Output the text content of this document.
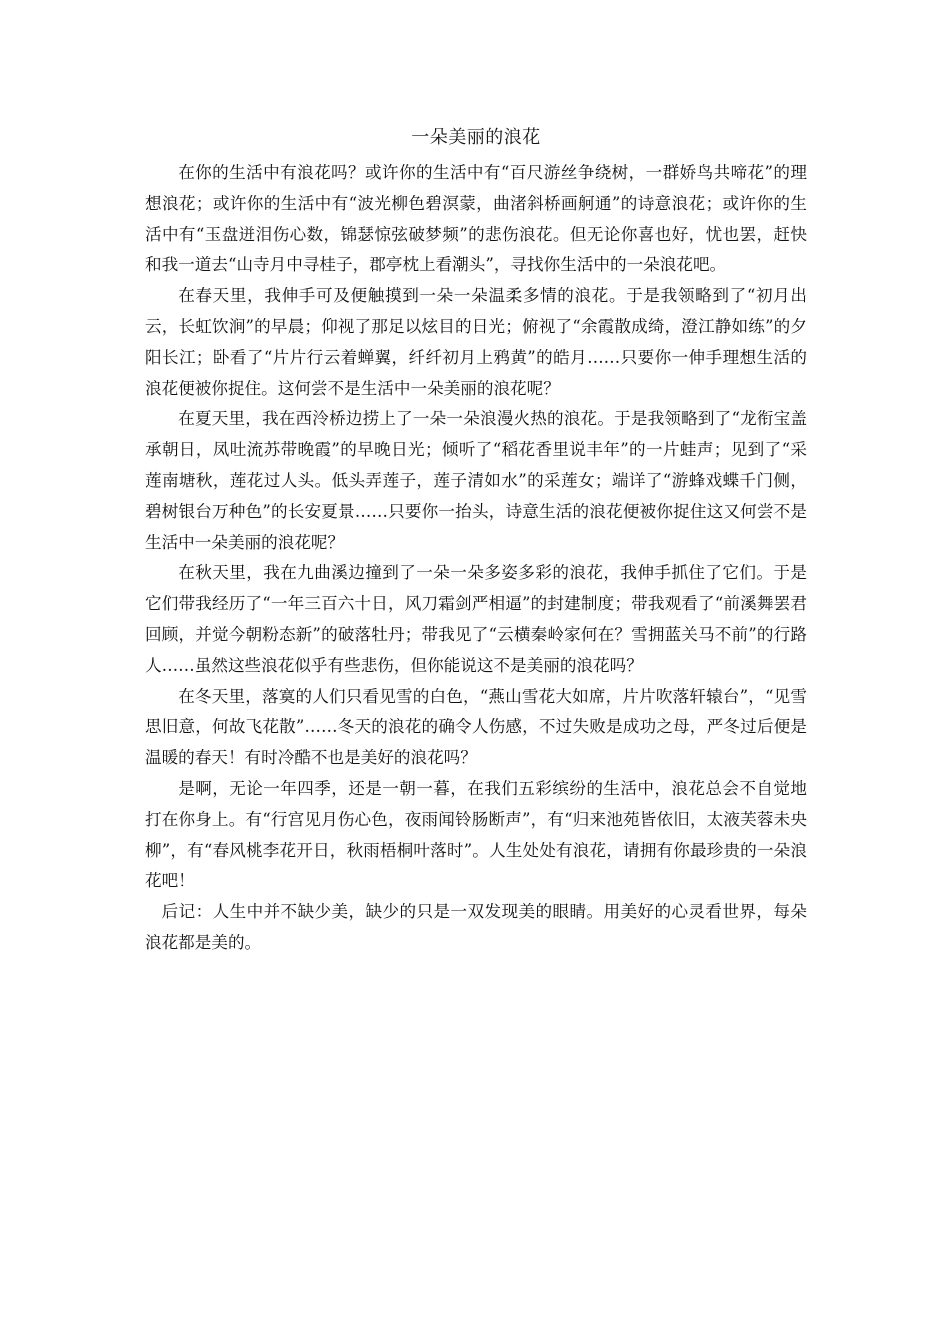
一朵美丽的浪花

在你的生活中有浪花吗？或许你的生活中有“百尺游丝争绕树，一群娇鸟共啼花”的理想浪花；或许你的生活中有“波光柳色碧溟蒙，曲渚斜桥画舸通”的诗意浪花；或许你的生活中有“玉盘迸泪伤心数，锦瑟惊弦破梦频”的悲伤浪花。但无论你喜也好，忧也罢，赶快和我一道去“山寺月中寻桂子，郡亭枕上看潮头”，寻找你生活中的一朵浪花吧。

在春天里，我伸手可及便触摸到一朵一朵温柔多情的浪花。于是我领略到了“初月出云，长虹饮涧”的早晨；仰视了那足以炫目的日光；俯视了“余霞散成绮，澄江静如练”的夕阳长江；卧看了“片片行云着蝉翼，纤纤初月上鸦黄”的皓月……只要你一伸手理想生活的浪花便被你捉住。这何尝不是生活中一朵美丽的浪花呢？

在夏天里，我在西泠桥边捞上了一朵一朵浪漫火热的浪花。于是我领略到了“龙衔宝盖承朝日，凤吐流苏带晚霞”的早晚日光；倾听了“稻花香里说丰年”的一片蛙声；见到了“采莲南塘秋，莲花过人头。低头弄莲子，莲子清如水”的采莲女；端详了“游蜂戏蝶千门侧，碧树银台万种色”的长安夏景……只要你一抬头，诗意生活的浪花便被你捉住这又何尝不是生活中一朵美丽的浪花呢？

在秋天里，我在九曲溪边撞到了一朵一朵多姿多彩的浪花，我伸手抓住了它们。于是它们带我经历了“一年三百六十日，风刀霜剑严相逼”的封建制度；带我观看了“前溪舞罢君回顾，并觉今朝粉态新”的破落牡丹；带我见了“云横秦岭家何在？雪拥蓝关马不前”的行路人……虽然这些浪花似乎有些悲伤，但你能说这不是美丽的浪花吗？

在冬天里，落寞的人们只看见雪的白色，“燕山雪花大如席，片片吹落轩辕台”，“见雪思旧意，何故飞花散”……冬天的浪花的确令人伤感，不过失败是成功之母，严冬过后便是温暖的春天！有时冷酷不也是美好的浪花吗？

是啊，无论一年四季，还是一朝一暮，在我们五彩缤纷的生活中，浪花总会不自觉地打在你身上。有“行宫见月伤心色，夜雨闻铃肠断声”，有“归来池苑皆依旧，太液芙蓉未央柳”，有“春风桃李花开日，秋雨梧桐叶落时”。人生处处有浪花，请拥有你最珍贵的一朵浪花吧！

后记：人生中并不缺少美，缺少的只是一双发现美的眼睛。用美好的心灵看世界，每朵浪花都是美的。
